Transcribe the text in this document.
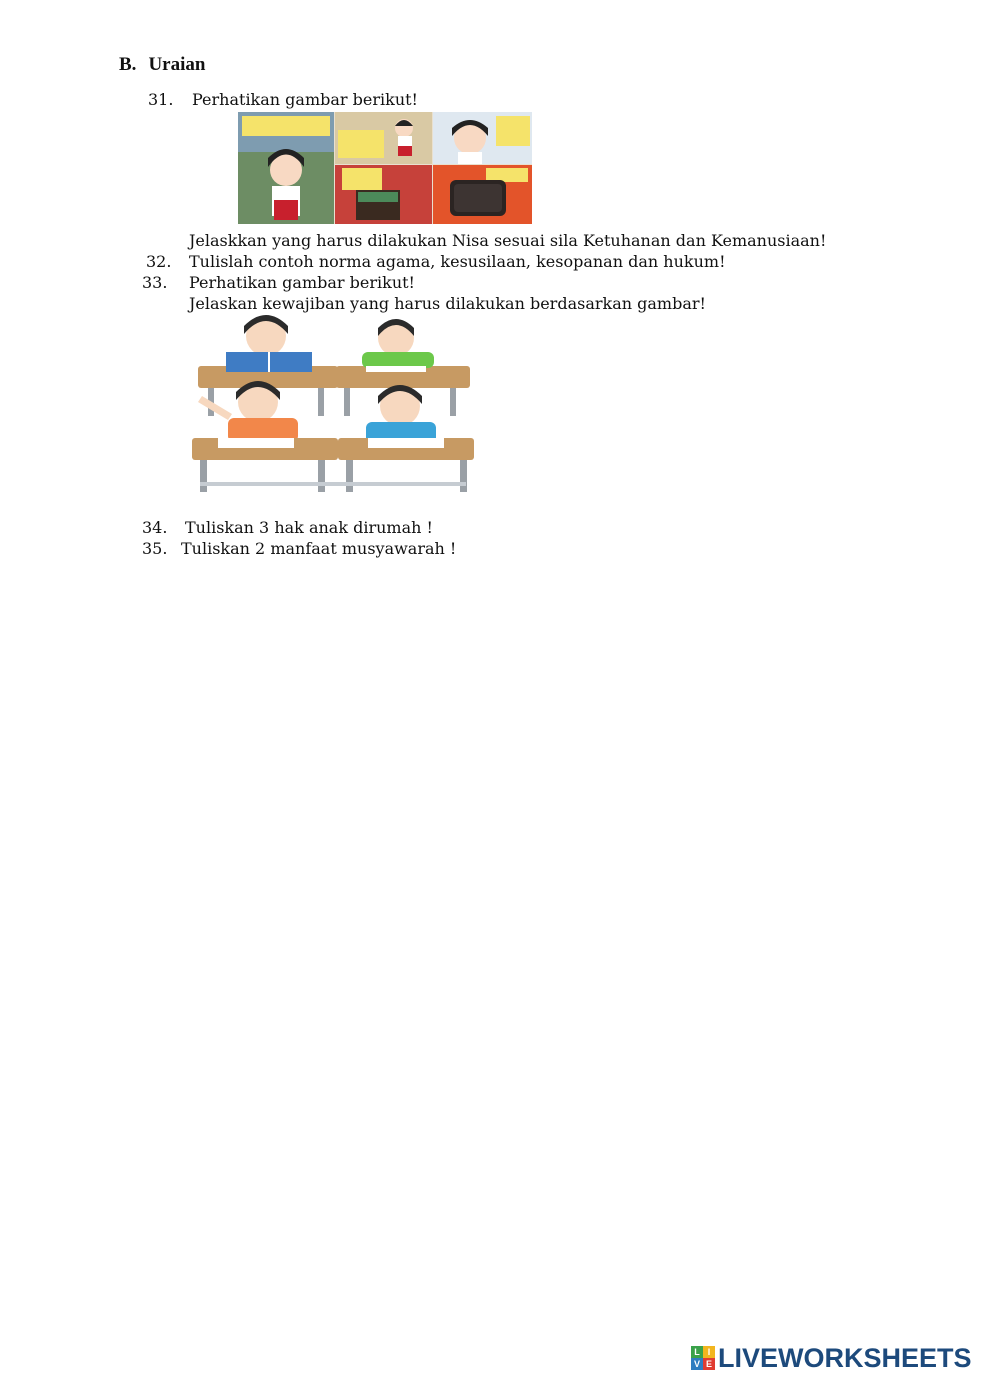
B. Uraian
31. Perhatikan gambar berikut!
Jelaskkan yang harus dilakukan Nisa sesuai sila Ketuhanan dan Kemanusiaan!
32. Tulislah contoh norma agama, kesusilaan, kesopanan dan hukum!
33. Perhatikan gambar berikut!
Jelaskan kewajiban yang harus dilakukan berdasarkan gambar!
34. Tuliskan 3 hak anak dirumah !
35. Tuliskan 2 manfaat musyawarah !
L I
V E LIVEWORKSHEETS
